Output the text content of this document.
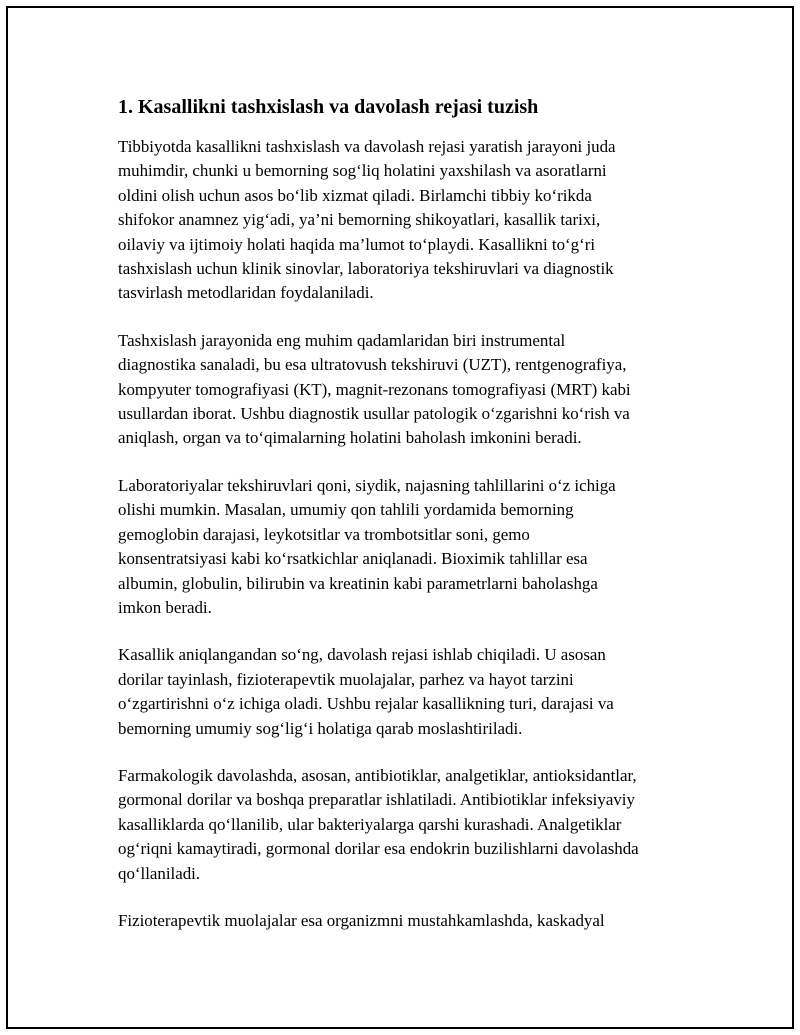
1. Kasallikni tashxislash va davolash rejasi tuzish

Tibbiyotda kasallikni tashxislash va davolash rejasi yaratish jarayoni juda
muhimdir, chunki u bemorning sog‘liq holatini yaxshilash va asoratlarni
oldini olish uchun asos bo‘lib xizmat qiladi. Birlamchi tibbiy ko‘rikda
shifokor anamnez yig‘adi, ya’ni bemorning shikoyatlari, kasallik tarixi,
oilaviy va ijtimoiy holati haqida ma’lumot to‘playdi. Kasallikni to‘g‘ri
tashxislash uchun klinik sinovlar, laboratoriya tekshiruvlari va diagnostik
tasvirlash metodlaridan foydalaniladi.

Tashxislash jarayonida eng muhim qadamlaridan biri instrumental
diagnostika sanaladi, bu esa ultratovush tekshiruvi (UZT), rentgenografiya,
kompyuter tomografiyasi (KT), magnit-rezonans tomografiyasi (MRT) kabi
usullardan iborat. Ushbu diagnostik usullar patologik o‘zgarishni ko‘rish va
aniqlash, organ va to‘qimalarning holatini baholash imkonini beradi.

Laboratoriyalar tekshiruvlari qoni, siydik, najasning tahlillarini o‘z ichiga
olishi mumkin. Masalan, umumiy qon tahlili yordamida bemorning
gemoglobin darajasi, leykotsitlar va trombotsitlar soni, gemo
konsentratsiyasi kabi ko‘rsatkichlar aniqlanadi. Bioximik tahlillar esa
albumin, globulin, bilirubin va kreatinin kabi parametrlarni baholashga
imkon beradi.

Kasallik aniqlangandan so‘ng, davolash rejasi ishlab chiqiladi. U asosan
dorilar tayinlash, fizioterapevtik muolajalar, parhez va hayot tarzini
o‘zgartirishni o‘z ichiga oladi. Ushbu rejalar kasallikning turi, darajasi va
bemorning umumiy sog‘lig‘i holatiga qarab moslashtiriladi.

Farmakologik davolashda, asosan, antibiotiklar, analgetiklar, antioksidantlar,
gormonal dorilar va boshqa preparatlar ishlatiladi. Antibiotiklar infeksiyaviy
kasalliklarda qo‘llanilib, ular bakteriyalarga qarshi kurashadi. Analgetiklar
og‘riqni kamaytiradi, gormonal dorilar esa endokrin buzilishlarni davolashda
qo‘llaniladi.

Fizioterapevtik muolajalar esa organizmni mustahkamlashda, kaskadyal
